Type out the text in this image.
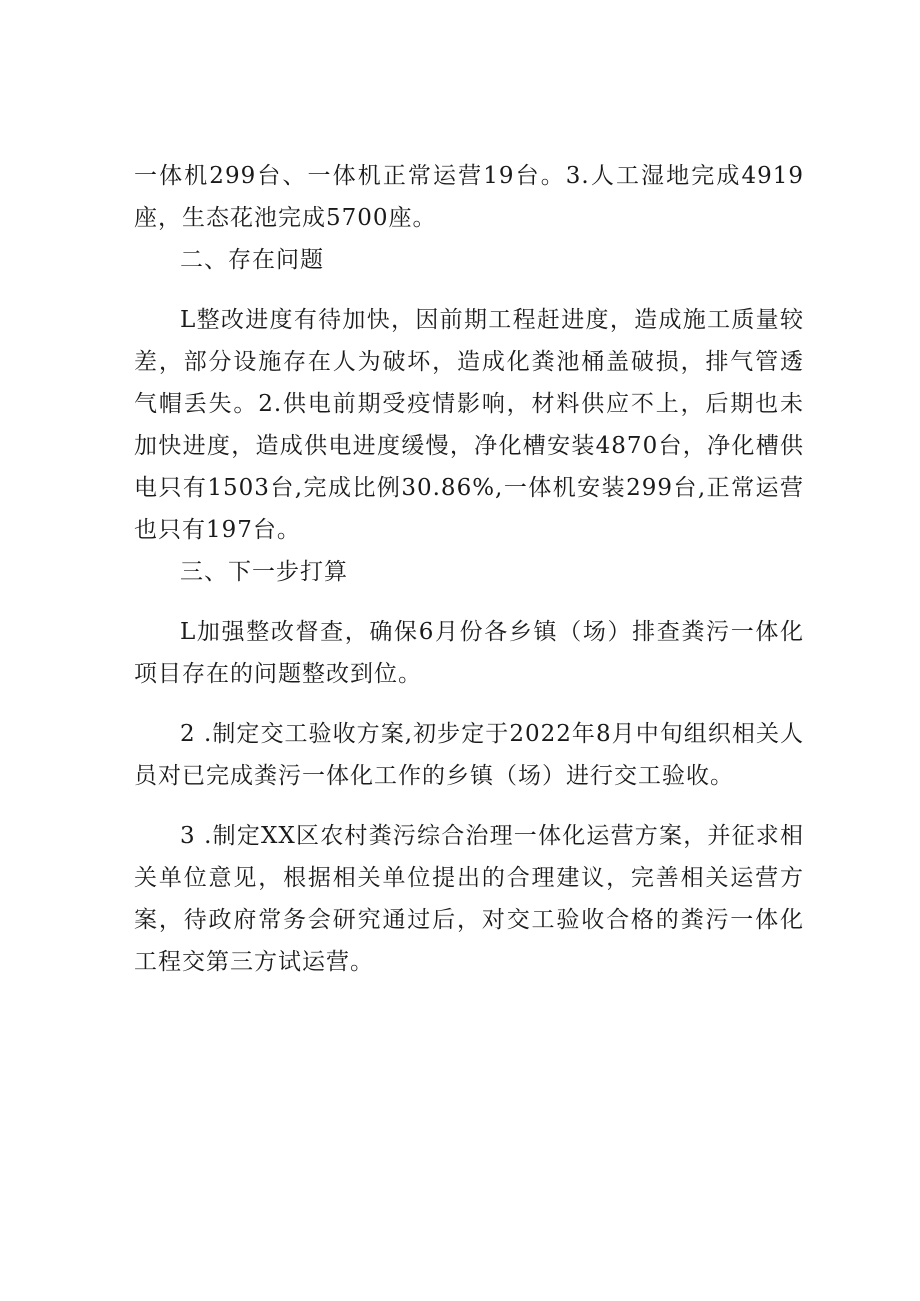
一体机299台、一体机正常运营19台。3.人工湿地完成4919座，生态花池完成5700座。

二、存在问题

L整改进度有待加快，因前期工程赶进度，造成施工质量较差，部分设施存在人为破坏，造成化粪池桶盖破损，排气管透气帽丢失。2.供电前期受疫情影响，材料供应不上，后期也未加快进度，造成供电进度缓慢，净化槽安装4870台，净化槽供电只有1503台,完成比例30.86%,一体机安装299台,正常运营也只有197台。

三、下一步打算

L加强整改督查，确保6月份各乡镇（场）排查粪污一体化项目存在的问题整改到位。

2 .制定交工验收方案,初步定于2022年8月中旬组织相关人员对已完成粪污一体化工作的乡镇（场）进行交工验收。

3 .制定XX区农村粪污综合治理一体化运营方案，并征求相关单位意见，根据相关单位提出的合理建议，完善相关运营方案，待政府常务会研究通过后，对交工验收合格的粪污一体化工程交第三方试运营。
